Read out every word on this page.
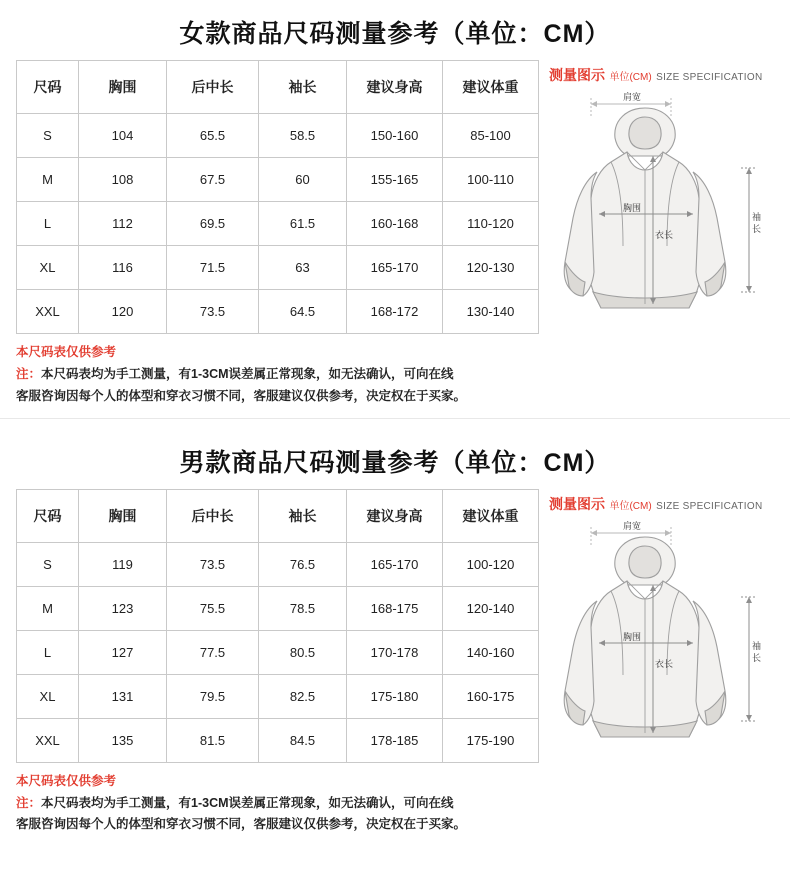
女款商品尺码测量参考（单位：CM）
尺码	胸围	后中长	袖长	建议身高	建议体重
S	104	65.5	58.5	150-160	85-100
M	108	67.5	60	155-165	100-110
L	112	69.5	61.5	160-168	110-120
XL	116	71.5	63	165-170	120-130
XXL	120	73.5	64.5	168-172	130-140
测量图示 单位(CM) SIZE SPECIFICATION
肩宽
胸围
衣长
袖
长
本尺码表仅供参考
注：本尺码表均为手工测量，有1-3CM误差属正常现象，如无法确认，可向在线
客服咨询因每个人的体型和穿衣习惯不同，客服建议仅供参考，决定权在于买家。
男款商品尺码测量参考（单位：CM）
尺码	胸围	后中长	袖长	建议身高	建议体重
S	119	73.5	76.5	165-170	100-120
M	123	75.5	78.5	168-175	120-140
L	127	77.5	80.5	170-178	140-160
XL	131	79.5	82.5	175-180	160-175
XXL	135	81.5	84.5	178-185	175-190
测量图示 单位(CM) SIZE SPECIFICATION
肩宽
胸围
衣长
袖
长
本尺码表仅供参考
注：本尺码表均为手工测量，有1-3CM误差属正常现象，如无法确认，可向在线
客服咨询因每个人的体型和穿衣习惯不同，客服建议仅供参考，决定权在于买家。
